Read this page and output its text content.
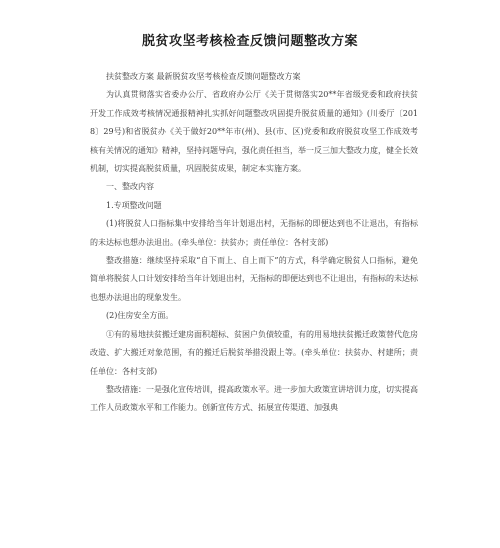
脱贫攻坚考核检查反馈问题整改方案

扶贫整改方案 最新脱贫攻坚考核检查反馈问题整改方案

为认真贯彻落实省委办公厅、省政府办公厅《关于贯彻落实20**年省级党委和政府扶贫开发工作成效考核情况通报精神扎实抓好问题整改巩固提升脱贫质量的通知》(川委厅〔2018〕29号)和省脱贫办《关于做好20**年市(州)、县(市、区)党委和政府脱贫攻坚工作成效考核有关情况的通知》精神，坚持问题导向，强化责任担当，举一反三加大整改力度，健全长效机制，切实提高脱贫质量，巩固脱贫成果，制定本实施方案。

一、整改内容

1.专项整改问题

(1)将脱贫人口指标集中安排给当年计划退出村，无指标的即便达到也不让退出，有指标的未达标也想办法退出。(牵头单位：扶贫办；责任单位：各村支部)

整改措施：继续坚持采取“自下而上、自上而下”的方式，科学确定脱贫人口指标，避免简单将脱贫人口计划安排给当年计划退出村，无指标的即便达到也不让退出，有指标的未达标也想办法退出的现象发生。

(2)住房安全方面。

①有的易地扶贫搬迁建房面积超标、贫困户负债较重，有的用易地扶贫搬迁政策替代危房改造、扩大搬迁对象范围，有的搬迁后脱贫举措没跟上等。(牵头单位：扶贫办、村建所；责任单位：各村支部)

整改措施：一是强化宣传培训，提高政策水平。进一步加大政策宣讲培训力度，切实提高工作人员政策水平和工作能力。创新宣传方式、拓展宣传渠道、加强典
